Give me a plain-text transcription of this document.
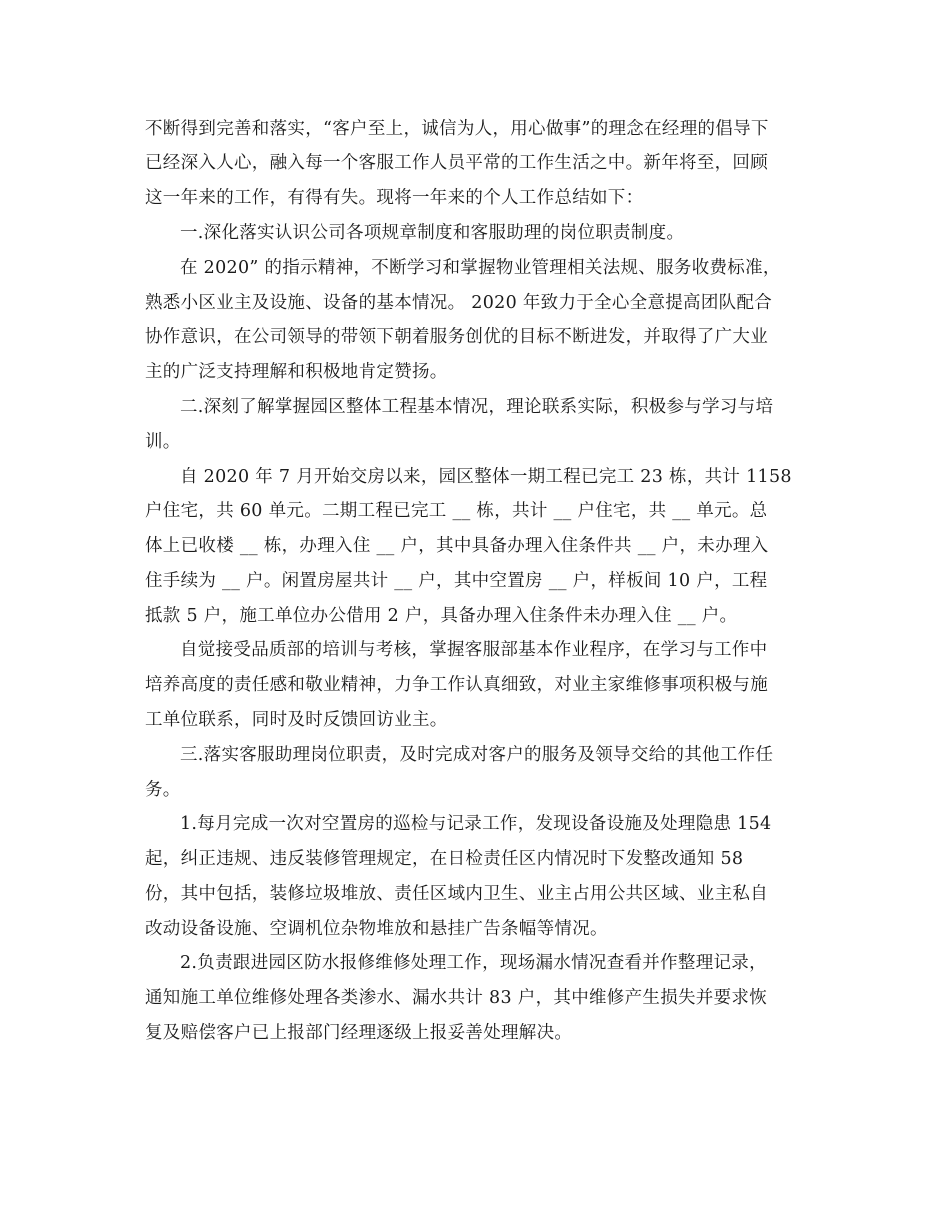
不断得到完善和落实，“客户至上，诚信为人，用心做事”的理念在经理的倡导下
已经深入人心，融入每一个客服工作人员平常的工作生活之中。新年将至，回顾
这一年来的工作，有得有失。现将一年来的个人工作总结如下：
一.深化落实认识公司各项规章制度和客服助理的岗位职责制度。
在 2020” 的指示精神，不断学习和掌握物业管理相关法规、服务收费标准，
熟悉小区业主及设施、设备的基本情况。 2020 年致力于全心全意提高团队配合
协作意识，在公司领导的带领下朝着服务创优的目标不断进发，并取得了广大业
主的广泛支持理解和积极地肯定赞扬。
二.深刻了解掌握园区整体工程基本情况，理论联系实际，积极参与学习与培
训。
自 2020 年 7 月开始交房以来，园区整体一期工程已完工 23 栋，共计 1158
户住宅，共 60 单元。二期工程已完工 __ 栋，共计 __ 户住宅，共 __ 单元。总
体上已收楼 __ 栋，办理入住 __ 户，其中具备办理入住条件共 __ 户，未办理入
住手续为 __ 户。闲置房屋共计 __ 户，其中空置房 __ 户，样板间 10 户，工程
抵款 5 户，施工单位办公借用 2 户，具备办理入住条件未办理入住 __ 户。
自觉接受品质部的培训与考核，掌握客服部基本作业程序，在学习与工作中
培养高度的责任感和敬业精神，力争工作认真细致，对业主家维修事项积极与施
工单位联系，同时及时反馈回访业主。
三.落实客服助理岗位职责，及时完成对客户的服务及领导交给的其他工作任
务。
1.每月完成一次对空置房的巡检与记录工作，发现设备设施及处理隐患 154
起，纠正违规、违反装修管理规定，在日检责任区内情况时下发整改通知 58
份，其中包括，装修垃圾堆放、责任区域内卫生、业主占用公共区域、业主私自
改动设备设施、空调机位杂物堆放和悬挂广告条幅等情况。
2.负责跟进园区防水报修维修处理工作，现场漏水情况查看并作整理记录，
通知施工单位维修处理各类渗水、漏水共计 83 户，其中维修产生损失并要求恢
复及赔偿客户已上报部门经理逐级上报妥善处理解决。
